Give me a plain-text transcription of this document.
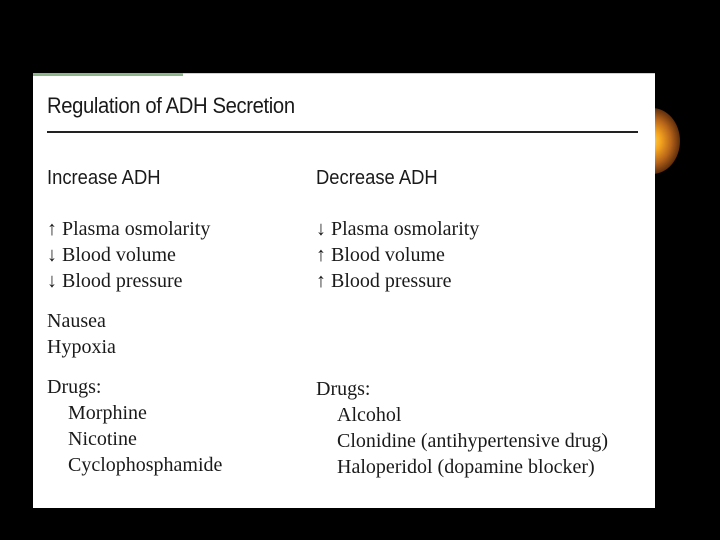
Regulation of ADH Secretion
Increase ADH
↑ Plasma osmolarity
↓ Blood volume
↓ Blood pressure
Nausea
Hypoxia
Drugs:
Morphine
Nicotine
Cyclophosphamide
Decrease ADH
↓ Plasma osmolarity
↑ Blood volume
↑ Blood pressure
Drugs:
Alcohol
Clonidine (antihypertensive drug)
Haloperidol (dopamine blocker)
